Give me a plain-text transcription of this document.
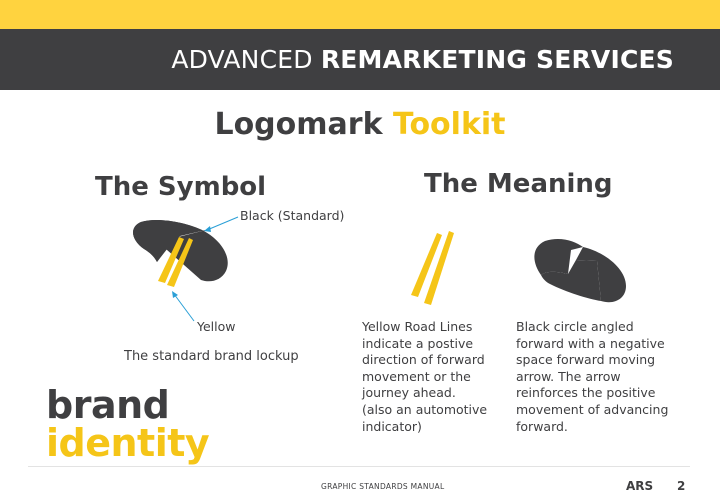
ADVANCED REMARKETING SERVICES
Logomark Toolkit
The Symbol	The Meaning
Black (Standard)
Yellow
The standard brand lockup
Yellow Road Lines
indicate a postive
direction of forward
movement or the
journey ahead.
(also an automotive
indicator)
Black circle angled
forward with a negative
space forward moving
arrow. The arrow
reinforces the positive
movement of advancing
forward.
brand
identity
GRAPHIC STANDARDS MANUAL	ARS 2
